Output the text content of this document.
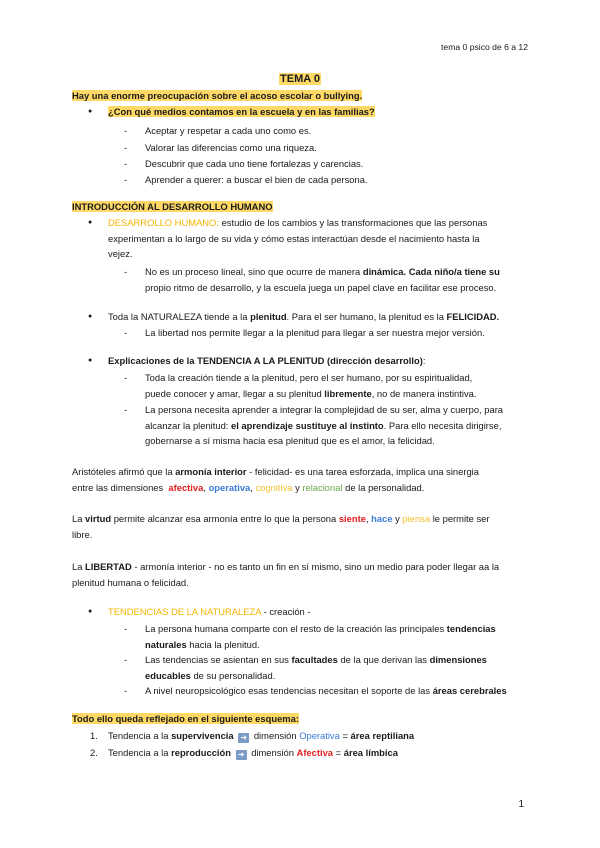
tema 0 psico de 6 a 12
TEMA 0
Hay una enorme preocupación sobre el acoso escolar o bullying.
¿Con qué medios contamos en la escuela y en las familias?
- Aceptar y respetar a cada uno como es.
- Valorar las diferencias como una riqueza.
- Descubrir que cada uno tiene fortalezas y carencias.
- Aprender a querer: a buscar el bien de cada persona.
INTRODUCCIÓN AL DESARROLLO HUMANO
DESARROLLO HUMANO: estudio de los cambios y las transformaciones que las personas
experimentan a lo largo de su vida y cómo estas interactúan desde el nacimiento hasta la
vejez.
- No es un proceso lineal, sino que ocurre de manera dinámica. Cada niño/a tiene su
propio ritmo de desarrollo, y la escuela juega un papel clave en facilitar ese proceso.
Toda la NATURALEZA tiende a la plenitud. Para el ser humano, la plenitud es la FELICIDAD.
- La libertad nos permite llegar a la plenitud para llegar a ser nuestra mejor versión.
Explicaciones de la TENDENCIA A LA PLENITUD (dirección desarrollo):
- Toda la creación tiende a la plenitud, pero el ser humano, por su espiritualidad,
puede conocer y amar, llegar a su plenitud libremente, no de manera instintiva.
- La persona necesita aprender a integrar la complejidad de su ser, alma y cuerpo, para
alcanzar la plenitud: el aprendizaje sustituye al instinto. Para ello necesita dirigirse,
gobernarse a sí misma hacia esa plenitud que es el amor, la felicidad.
Aristóteles afirmó que la armonía interior - felicidad- es una tarea esforzada, implica una sinergia
entre las dimensiones afectiva, operativa, cognitiva y relacional de la personalidad.
La virtud permite alcanzar esa armonía entre lo que la persona siente, hace y piensa le permite ser
libre.
La LIBERTAD - armonía interior - no es tanto un fin en sí mismo, sino un medio para poder llegar aa la
plenitud humana o felicidad.
TENDENCIAS DE LA NATURALEZA - creación -
- La persona humana comparte con el resto de la creación las principales tendencias
naturales hacia la plenitud.
- Las tendencias se asientan en sus facultades de la que derivan las dimensiones
educables de su personalidad.
- A nivel neuropsicológico esas tendencias necesitan el soporte de las áreas cerebrales
Todo ello queda reflejado en el siguiente esquema:
1. Tendencia a la supervivencia ➜ dimensión Operativa = área reptiliana
2. Tendencia a la reproducción ➜ dimensión Afectiva = área límbica
1
